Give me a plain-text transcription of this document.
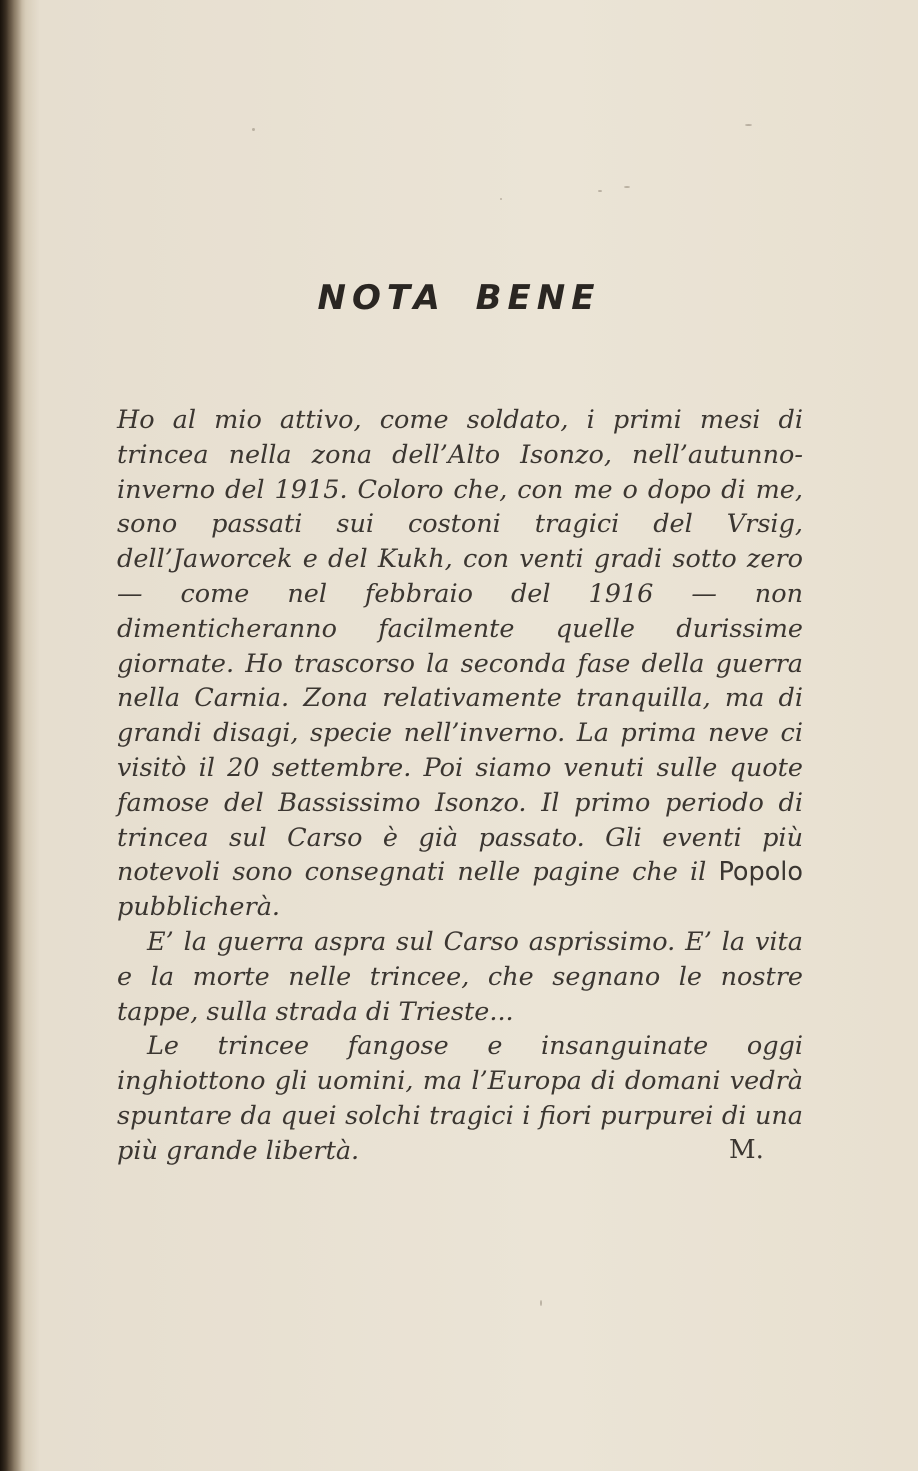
NOTA BENE

Ho al mio attivo, come soldato, i primi mesi di trincea nella zona dell’Alto Isonzo, nell’autunno-inverno del 1915. Coloro che, con me o dopo di me, sono passati sui costoni tragici del Vrsig, dell’Jaworcek e del Kukh, con venti gradi sotto zero — come nel febbraio del 1916 — non dimenticheranno facilmente quelle durissime giornate. Ho trascorso la seconda fase della guerra nella Carnia. Zona relativamente tranquilla, ma di grandi disagi, specie nell’inverno. La prima neve ci visitò il 20 settembre. Poi siamo venuti sulle quote famose del Bassissimo Isonzo. Il primo periodo di trincea sul Carso è già passato. Gli eventi più notevoli sono consegnati nelle pagine che il Popolo pubblicherà.

E’ la guerra aspra sul Carso asprissimo. E’ la vita e la morte nelle trincee, che segnano le nostre tappe, sulla strada di Trieste...

Le trincee fangose e insanguinate oggi inghiottono gli uomini, ma l’Europa di domani vedrà spuntare da quei solchi tragici i fiori purpurei di una più grande libertà.	M.
